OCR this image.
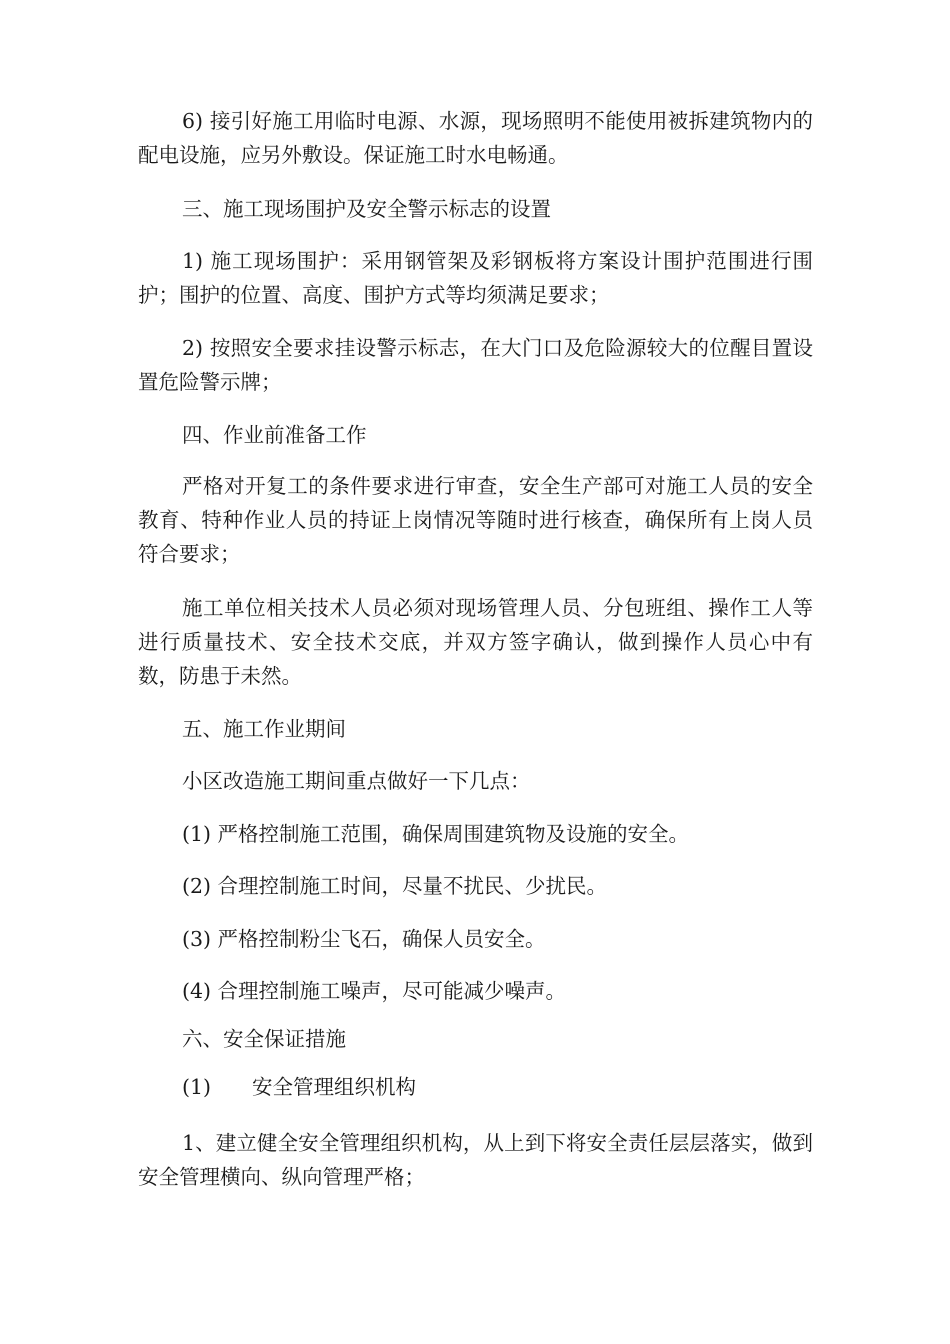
6) 接引好施工用临时电源、水源，现场照明不能使用被拆建筑物内的配电设施，应另外敷设。保证施工时水电畅通。

三、施工现场围护及安全警示标志的设置

1) 施工现场围护：采用钢管架及彩钢板将方案设计围护范围进行围护；围护的位置、高度、围护方式等均须满足要求；

2) 按照安全要求挂设警示标志，在大门口及危险源较大的位醒目置设置危险警示牌；

四、作业前准备工作

严格对开复工的条件要求进行审查，安全生产部可对施工人员的安全教育、特种作业人员的持证上岗情况等随时进行核查，确保所有上岗人员符合要求；

施工单位相关技术人员必须对现场管理人员、分包班组、操作工人等进行质量技术、安全技术交底，并双方签字确认，做到操作人员心中有数，防患于未然。

五、施工作业期间

小区改造施工期间重点做好一下几点：

(1) 严格控制施工范围，确保周围建筑物及设施的安全。

(2) 合理控制施工时间，尽量不扰民、少扰民。

(3) 严格控制粉尘飞石，确保人员安全。

(4) 合理控制施工噪声，尽可能减少噪声。

六、安全保证措施

(1) 安全管理组织机构

1、建立健全安全管理组织机构，从上到下将安全责任层层落实，做到安全管理横向、纵向管理严格；
